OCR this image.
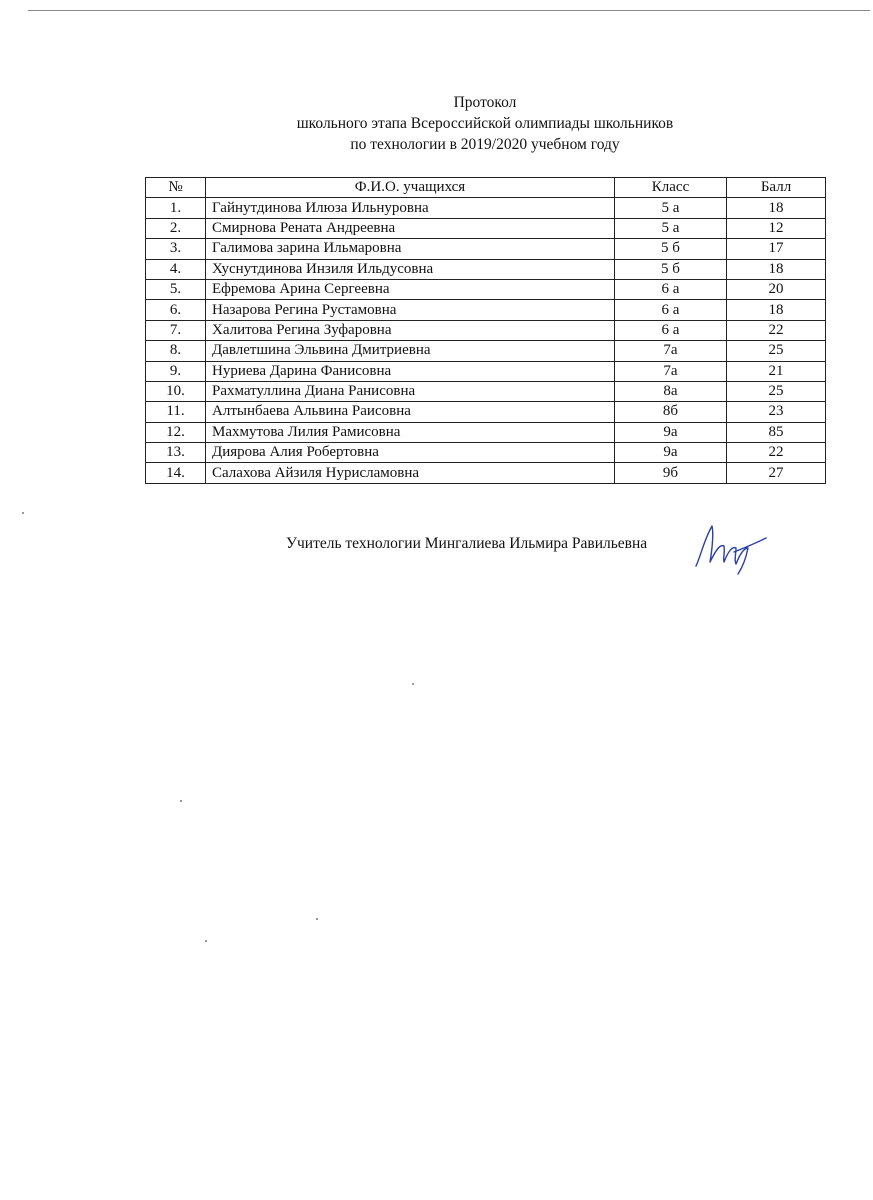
Протокол
школьного этапа Всероссийской олимпиады школьников
по технологии в 2019/2020 учебном году
№	Ф.И.О. учащихся	Класс	Балл
1.	Гайнутдинова Илюза Ильнуровна	5 а	18
2.	Смирнова Рената Андреевна	5 а	12
3.	Галимова зарина Ильмаровна	5 б	17
4.	Хуснутдинова Инзиля Ильдусовна	5 б	18
5.	Ефремова Арина Сергеевна	6 а	20
6.	Назарова Регина Рустамовна	6 а	18
7.	Халитова Регина Зуфаровна	6 а	22
8.	Давлетшина Эльвина Дмитриевна	7а	25
9.	Нуриева Дарина Фанисовна	7а	21
10.	Рахматуллина Диана Ранисовна	8а	25
11.	Алтынбаева Альвина Раисовна	8б	23
12.	Махмутова Лилия Рамисовна	9а	85
13.	Диярова Алия Робертовна	9а	22
14.	Салахова Айзиля Нурисламовна	9б	27
Учитель технологии Мингалиева Ильмира Равильевна
